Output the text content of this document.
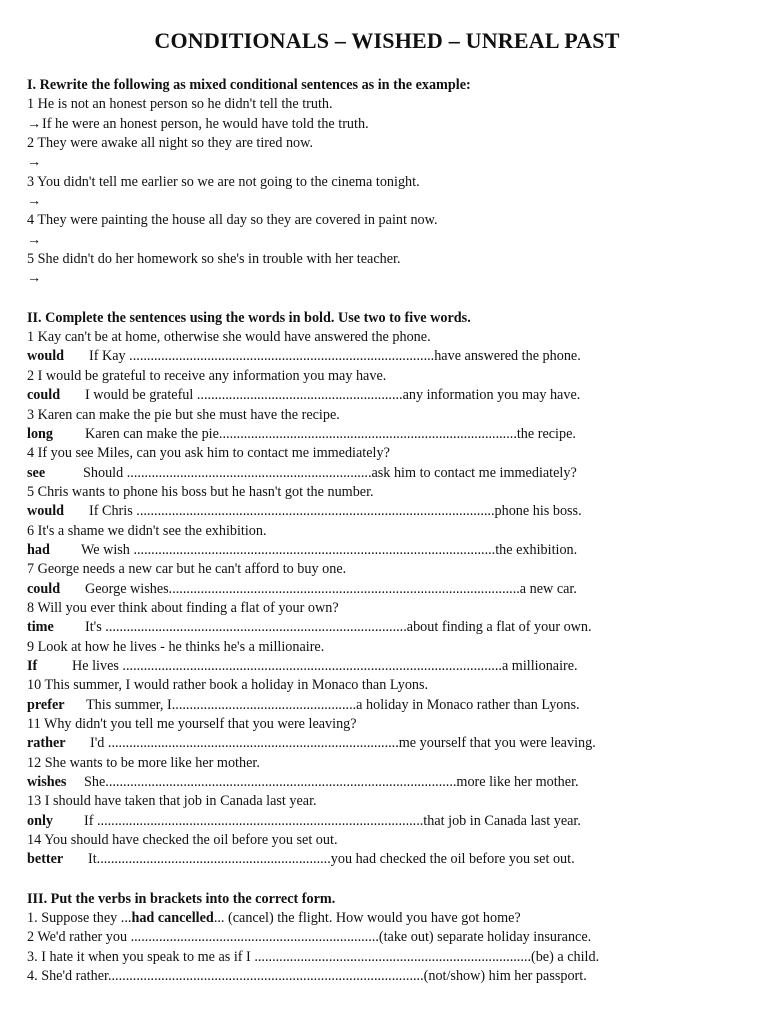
CONDITIONALS – WISHED – UNREAL PAST
I. Rewrite the following as mixed conditional sentences as in the example:
1 He is not an honest person so he didn't tell the truth.
→If he were an honest person, he would have told the truth.
2 They were awake all night so they are tired now.
→
3 You didn't tell me earlier so we are not going to the cinema tonight.
→
4 They were painting the house all day so they are covered in paint now.
→
5 She didn't do her homework so she's in trouble with her teacher.
→
II. Complete the sentences using the words in bold. Use two to five words.
1 Kay can't be at home, otherwise she would have answered the phone.
would If Kay ......................................................................................have answered the phone.
2 I would be grateful to receive any information you may have.
could I would be grateful ..........................................................any information you may have.
3 Karen can make the pie but she must have the recipe.
long Karen can make the pie....................................................................................the recipe.
4 If you see Miles, can you ask him to contact me immediately?
see	Should .....................................................................ask him to contact me immediately?
5 Chris wants to phone his boss but he hasn't got the number.
would If Chris .....................................................................................................phone his boss.
6 It's a shame we didn't see the exhibition.
had We wish ......................................................................................................the exhibition.
7 George needs a new car but he can't afford to buy one.
could George wishes...................................................................................................a new car.
8 Will you ever think about finding a flat of your own?
time It's .....................................................................................about finding a flat of your own.
9 Look at how he lives - he thinks he's a millionaire.
If He lives ...........................................................................................................a millionaire.
10 This summer, I would rather book a holiday in Monaco than Lyons.
prefer This summer, I....................................................a holiday in Monaco rather than Lyons.
11 Why didn't you tell me yourself that you were leaving?
rather I'd ..................................................................................me yourself that you were leaving.
12 She wants to be more like her mother.
wishes She...................................................................................................more like her mother.
13 I should have taken that job in Canada last year.
only If ............................................................................................that job in Canada last year.
14 You should have checked the oil before you set out.
better It..................................................................you had checked the oil before you set out.
III. Put the verbs in brackets into the correct form.
1. Suppose they ...had cancelled... (cancel) the flight. How would you have got home?
2 We'd rather you ......................................................................(take out) separate holiday insurance.
3. I hate it when you speak to me as if I ..............................................................................(be) a child.
4. She'd rather.........................................................................................(not/show) him her passport.
